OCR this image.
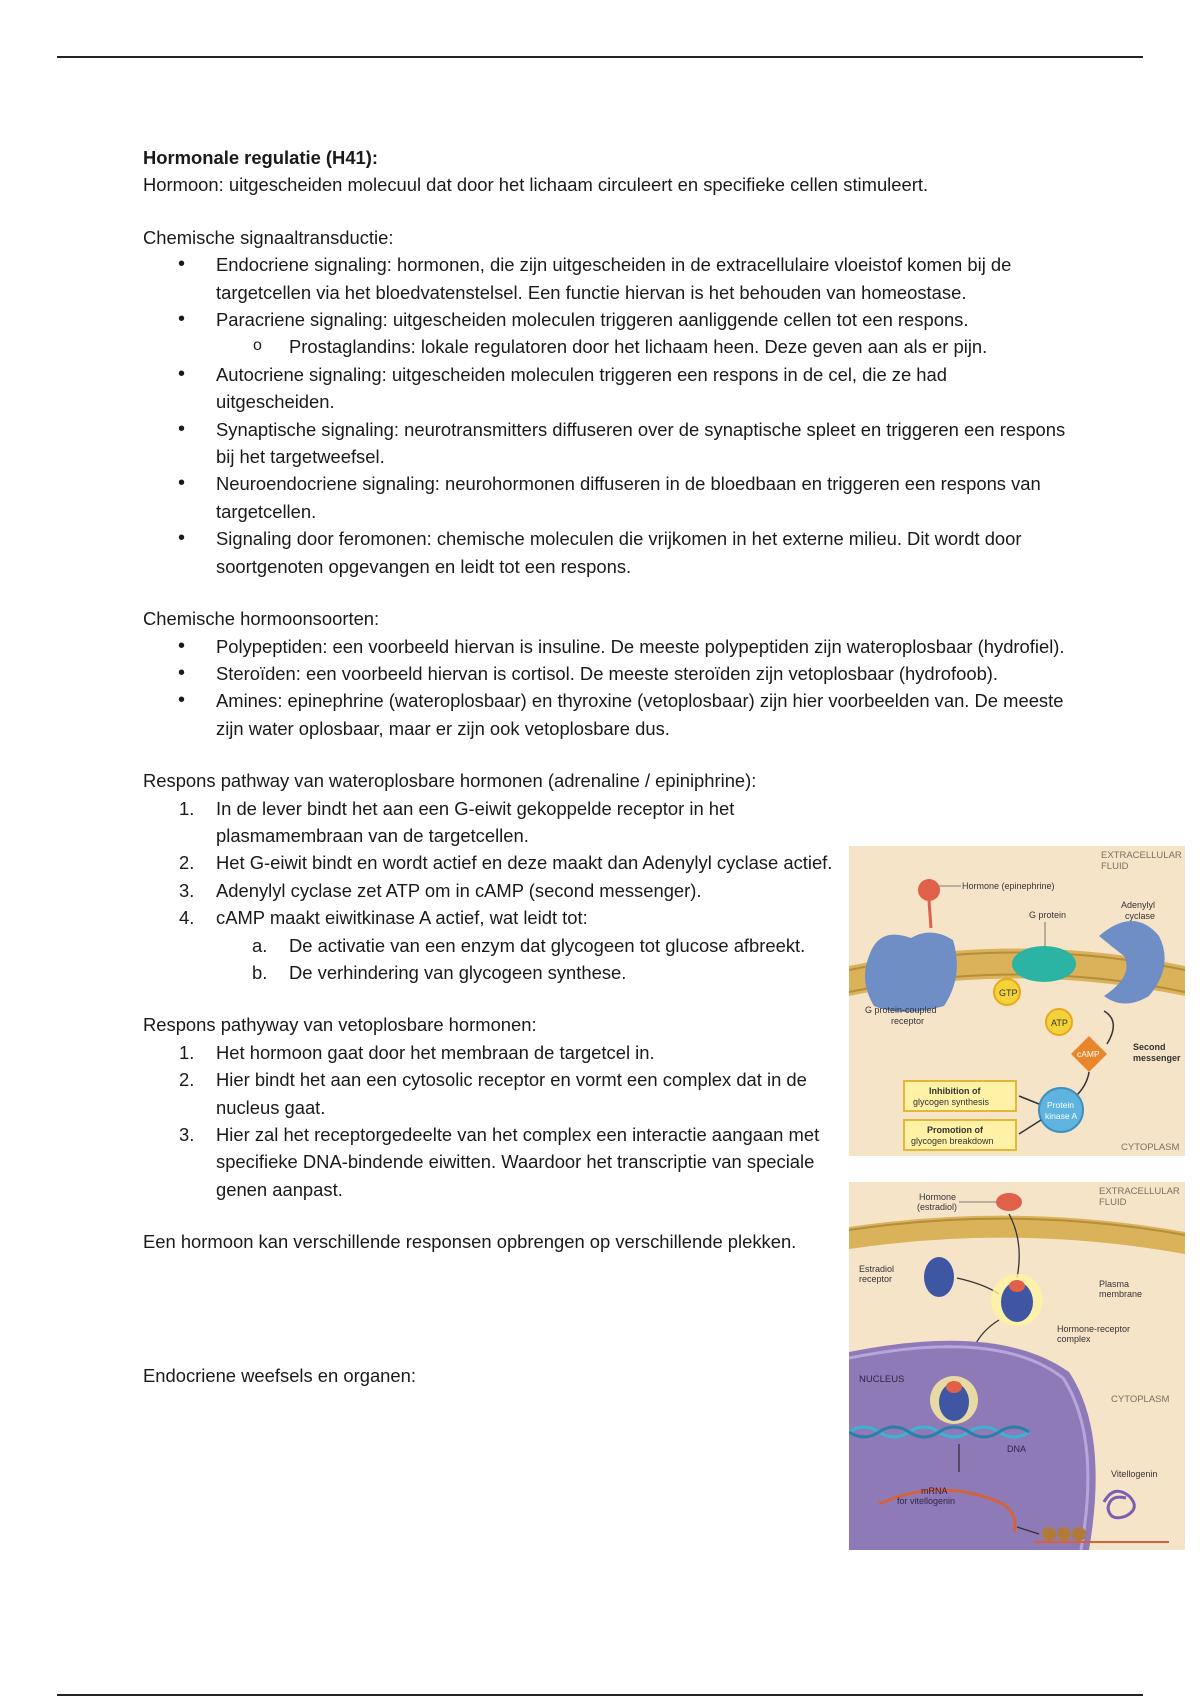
Hormonale regulatie (H41):

Hormoon: uitgescheiden molecuul dat door het lichaam circuleert en specifieke cellen stimuleert.

Chemische signaaltransductie:

• Endocriene signaling: hormonen, die zijn uitgescheiden in de extracellulaire vloeistof komen bij de targetcellen via het bloedvatenstelsel. Een functie hiervan is het behouden van homeostase.
• Paracriene signaling: uitgescheiden moleculen triggeren aanliggende cellen tot een respons.
o Prostaglandins: lokale regulatoren door het lichaam heen. Deze geven aan als er pijn.
• Autocriene signaling: uitgescheiden moleculen triggeren een respons in de cel, die ze had uitgescheiden.
• Synaptische signaling: neurotransmitters diffuseren over de synaptische spleet en triggeren een respons bij het targetweefsel.
• Neuroendocriene signaling: neurohormonen diffuseren in de bloedbaan en triggeren een respons van targetcellen.
• Signaling door feromonen: chemische moleculen die vrijkomen in het externe milieu. Dit wordt door soortgenoten opgevangen en leidt tot een respons.

Chemische hormoonsoorten:

• Polypeptiden: een voorbeeld hiervan is insuline. De meeste polypeptiden zijn wateroplosbaar (hydrofiel).
• Steroïden: een voorbeeld hiervan is cortisol. De meeste steroïden zijn vetoplosbaar (hydrofoob).
• Amines: epinephrine (wateroplosbaar) en thyroxine (vetoplosbaar) zijn hier voorbeelden van. De meeste zijn water oplosbaar, maar er zijn ook vetoplosbare dus.

Respons pathway van wateroplosbare hormonen (adrenaline / epiniphrine):

1. In de lever bindt het aan een G-eiwit gekoppelde receptor in het plasmamembraan van de targetcellen.
2. Het G-eiwit bindt en wordt actief en deze maakt dan Adenylyl cyclase actief.
3. Adenylyl cyclase zet ATP om in cAMP (second messenger).
4. cAMP maakt eiwitkinase A actief, wat leidt tot:
a. De activatie van een enzym dat glycogeen tot glucose afbreekt.
b. De verhindering van glycogeen synthese.

Respons pathyway van vetoplosbare hormonen:

1. Het hormoon gaat door het membraan de targetcel in.
2. Hier bindt het aan een cytosolic receptor en vormt een complex dat in de nucleus gaat.
3. Hier zal het receptorgedeelte van het complex een interactie aangaan met specifieke DNA-bindende eiwitten. Waardoor het transcriptie van speciale genen aanpast.

Een hormoon kan verschillende responsen opbrengen op verschillende plekken.

Endocriene weefsels en organen:

EXTRACELLULAR
FLUID
Hormone (epinephrine)
G protein-coupled
receptor
G protein
GTP
Adenylyl
cyclase
ATP
cAMP
Second
messenger
Protein
kinase A
Inhibition of
glycogen synthesis
Promotion of
glycogen breakdown
CYTOPLASM
Hormone
(estradiol)
EXTRACELLULAR
FLUID
Estradiol
receptor	Plasma
membrane
Hormone-receptor
complex
NUCLEUS
CYTOPLASM
DNA
mRNA
for vitellogenin
Vitellogenin
